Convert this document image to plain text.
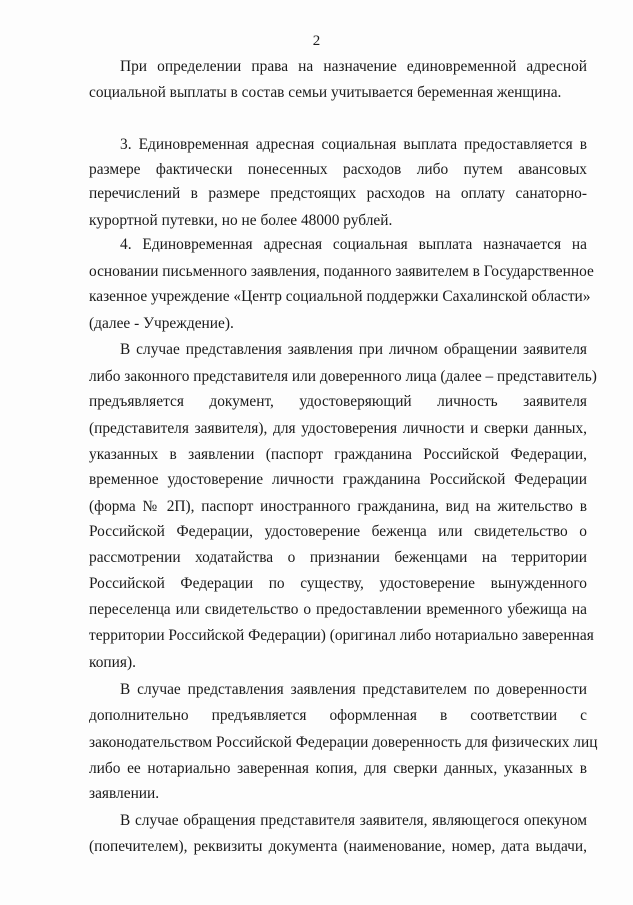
2
При определении права на назначение единовременной адресной
социальной выплаты в состав семьи учитывается беременная женщина.
3. Единовременная адресная социальная выплата предоставляется в
размере фактически понесенных расходов либо путем авансовых
перечислений в размере предстоящих расходов на оплату санаторно-
курортной путевки, но не более 48000 рублей.
4. Единовременная адресная социальная выплата назначается на
основании письменного заявления, поданного заявителем в Государственное
казенное учреждение «Центр социальной поддержки Сахалинской области»
(далее - Учреждение).
В случае представления заявления при личном обращении заявителя
либо законного представителя или доверенного лица (далее – представитель)
предъявляется документ, удостоверяющий личность заявителя
(представителя заявителя), для удостоверения личности и сверки данных,
указанных в заявлении (паспорт гражданина Российской Федерации,
временное удостоверение личности гражданина Российской Федерации
(форма № 2П), паспорт иностранного гражданина, вид на жительство в
Российской Федерации, удостоверение беженца или свидетельство о
рассмотрении ходатайства о признании беженцами на территории
Российской Федерации по существу, удостоверение вынужденного
переселенца или свидетельство о предоставлении временного убежища на
территории Российской Федерации) (оригинал либо нотариально заверенная
копия).
В случае представления заявления представителем по доверенности
дополнительно предъявляется оформленная в соответствии с
законодательством Российской Федерации доверенность для физических лиц
либо ее нотариально заверенная копия, для сверки данных, указанных в
заявлении.
В случае обращения представителя заявителя, являющегося опекуном
(попечителем), реквизиты документа (наименование, номер, дата выдачи,
